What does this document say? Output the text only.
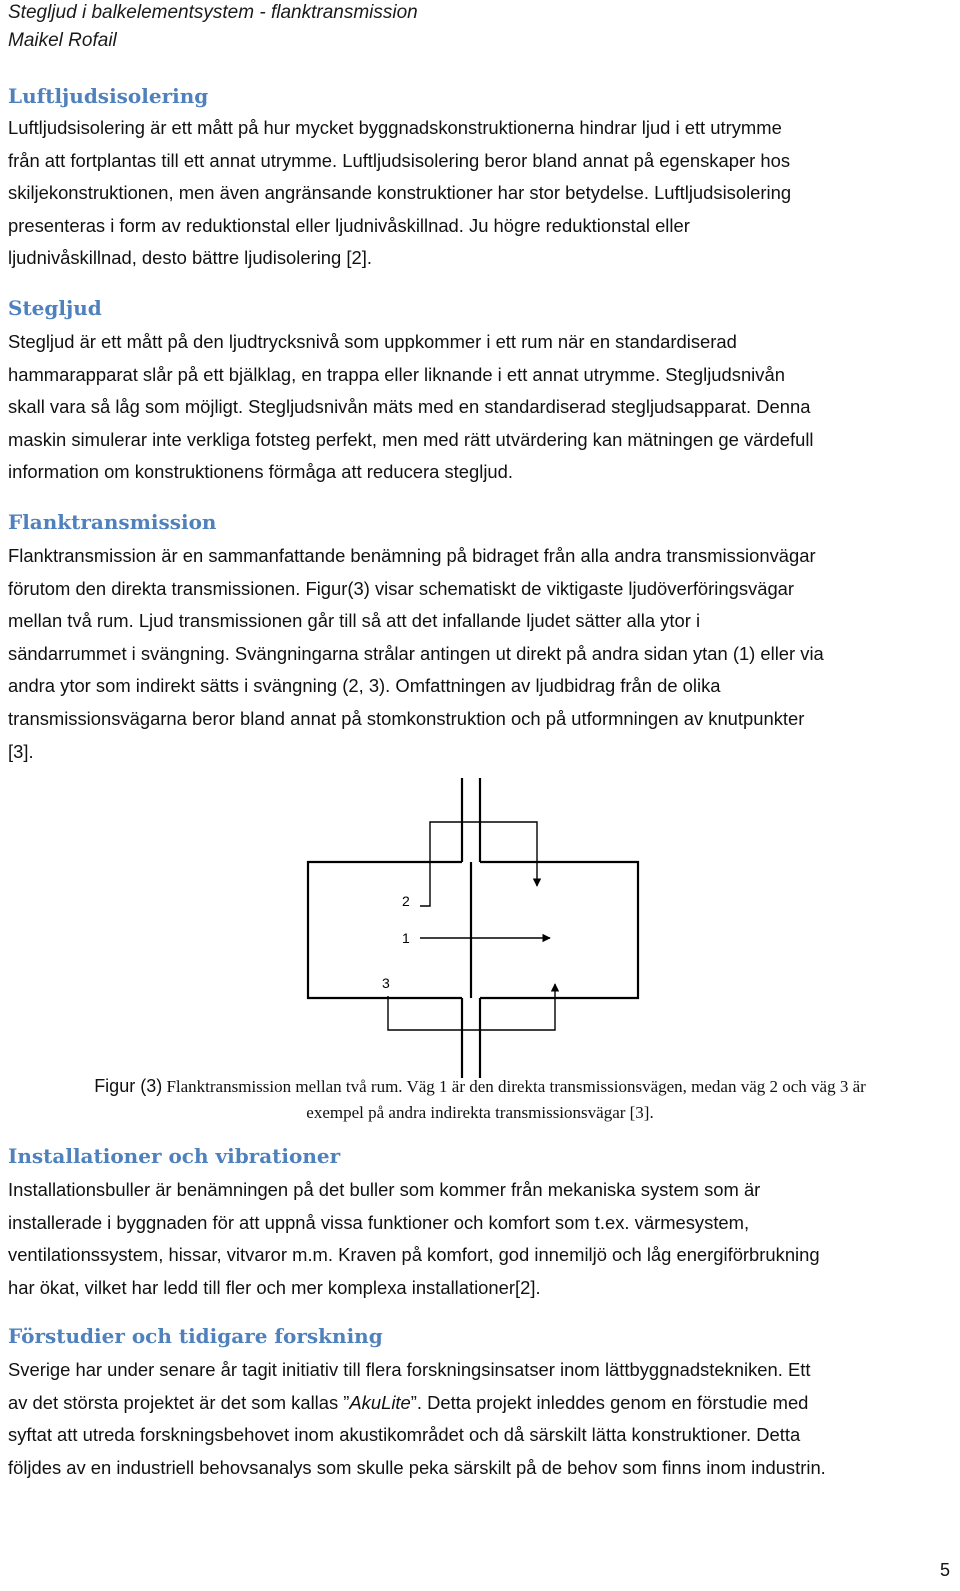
Stegljud i balkelementsystem - flanktransmission
Maikel Rofail
Luftljudsisolering
Luftljudsisolering är ett mått på hur mycket byggnadskonstruktionerna hindrar ljud i ett utrymme
från att fortplantas till ett annat utrymme. Luftljudsisolering beror bland annat på egenskaper hos
skiljekonstruktionen, men även angränsande konstruktioner har stor betydelse. Luftljudsisolering
presenteras i form av reduktionstal eller ljudnivåskillnad. Ju högre reduktionstal eller
ljudnivåskillnad, desto bättre ljudisolering [2].
Stegljud
Stegljud är ett mått på den ljudtrycksnivå som uppkommer i ett rum när en standardiserad
hammarapparat slår på ett bjälklag, en trappa eller liknande i ett annat utrymme. Stegljudsnivån
skall vara så låg som möjligt. Stegljudsnivån mäts med en standardiserad stegljudsapparat. Denna
maskin simulerar inte verkliga fotsteg perfekt, men med rätt utvärdering kan mätningen ge värdefull
information om konstruktionens förmåga att reducera stegljud.
Flanktransmission
Flanktransmission är en sammanfattande benämning på bidraget från alla andra transmissionvägar
förutom den direkta transmissionen. Figur(3) visar schematiskt de viktigaste ljudöverföringsvägar
mellan två rum. Ljud transmissionen går till så att det infallande ljudet sätter alla ytor i
sändarrummet i svängning. Svängningarna strålar antingen ut direkt på andra sidan ytan (1) eller via
andra ytor som indirekt sätts i svängning (2, 3). Omfattningen av ljudbidrag från de olika
transmissionsvägarna beror bland annat på stomkonstruktion och på utformningen av knutpunkter
[3].
2
1
3
Figur (3) Flanktransmission mellan två rum. Väg 1 är den direkta transmissionsvägen, medan väg 2 och väg 3 är
exempel på andra indirekta transmissionsvägar [3].
Installationer och vibrationer
Installationsbuller är benämningen på det buller som kommer från mekaniska system som är
installerade i byggnaden för att uppnå vissa funktioner och komfort som t.ex. värmesystem,
ventilationssystem, hissar, vitvaror m.m. Kraven på komfort, god innemiljö och låg energiförbrukning
har ökat, vilket har ledd till fler och mer komplexa installationer[2].
Förstudier och tidigare forskning
Sverige har under senare år tagit initiativ till flera forskningsinsatser inom lättbyggnadstekniken. Ett
av det största projektet är det som kallas ”AkuLite”. Detta projekt inleddes genom en förstudie med
syftat att utreda forskningsbehovet inom akustikområdet och då särskilt lätta konstruktioner. Detta
följdes av en industriell behovsanalys som skulle peka särskilt på de behov som finns inom industrin.
5
